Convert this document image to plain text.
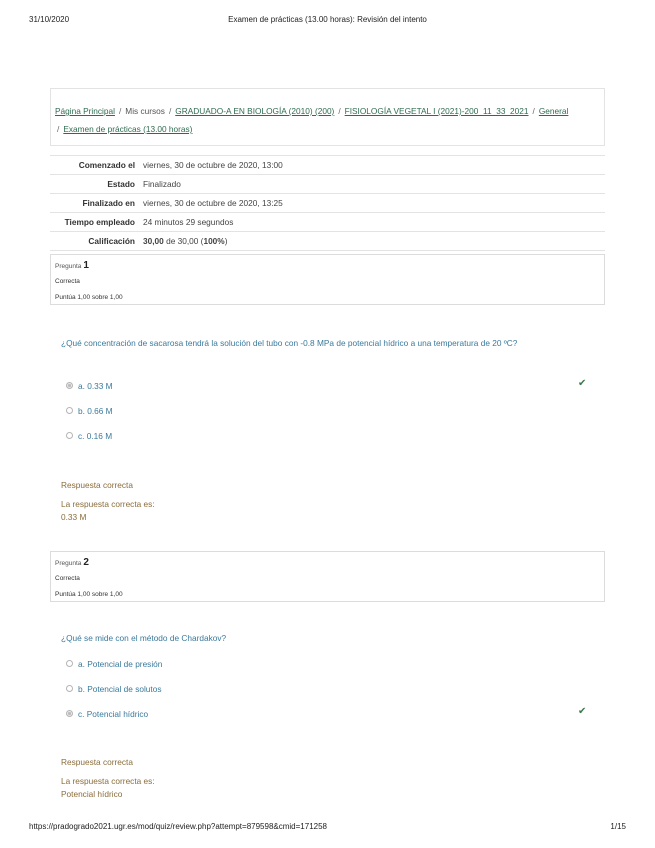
31/10/2020	Examen de prácticas (13.00 horas): Revisión del intento
Página Principal / Mis cursos / GRADUADO-A EN BIOLOGÍA (2010) (200) / FISIOLOGÍA VEGETAL I (2021)-200_11_33_2021 / General
/ Examen de prácticas (13.00 horas)
Comenzado el	viernes, 30 de octubre de 2020, 13:00
Estado	Finalizado
Finalizado en	viernes, 30 de octubre de 2020, 13:25
Tiempo empleado	24 minutos 29 segundos
Calificación	30,00 de 30,00 (100%)
Pregunta 1
Correcta
Puntúa 1,00 sobre 1,00
¿Qué concentración de sacarosa tendrá la solución del tubo con -0.8 MPa de potencial hídrico a una temperatura de 20 ºC?
a. 0.33 M	✔
b. 0.66 M
c. 0.16 M
Respuesta correcta
La respuesta correcta es:
0.33 M
Pregunta 2
Correcta
Puntúa 1,00 sobre 1,00
¿Qué se mide con el método de Chardakov?
a. Potencial de presión
b. Potencial de solutos
c. Potencial hídrico	✔
Respuesta correcta
La respuesta correcta es:
Potencial hídrico
https://pradogrado2021.ugr.es/mod/quiz/review.php?attempt=879598&cmid=171258	1/15
